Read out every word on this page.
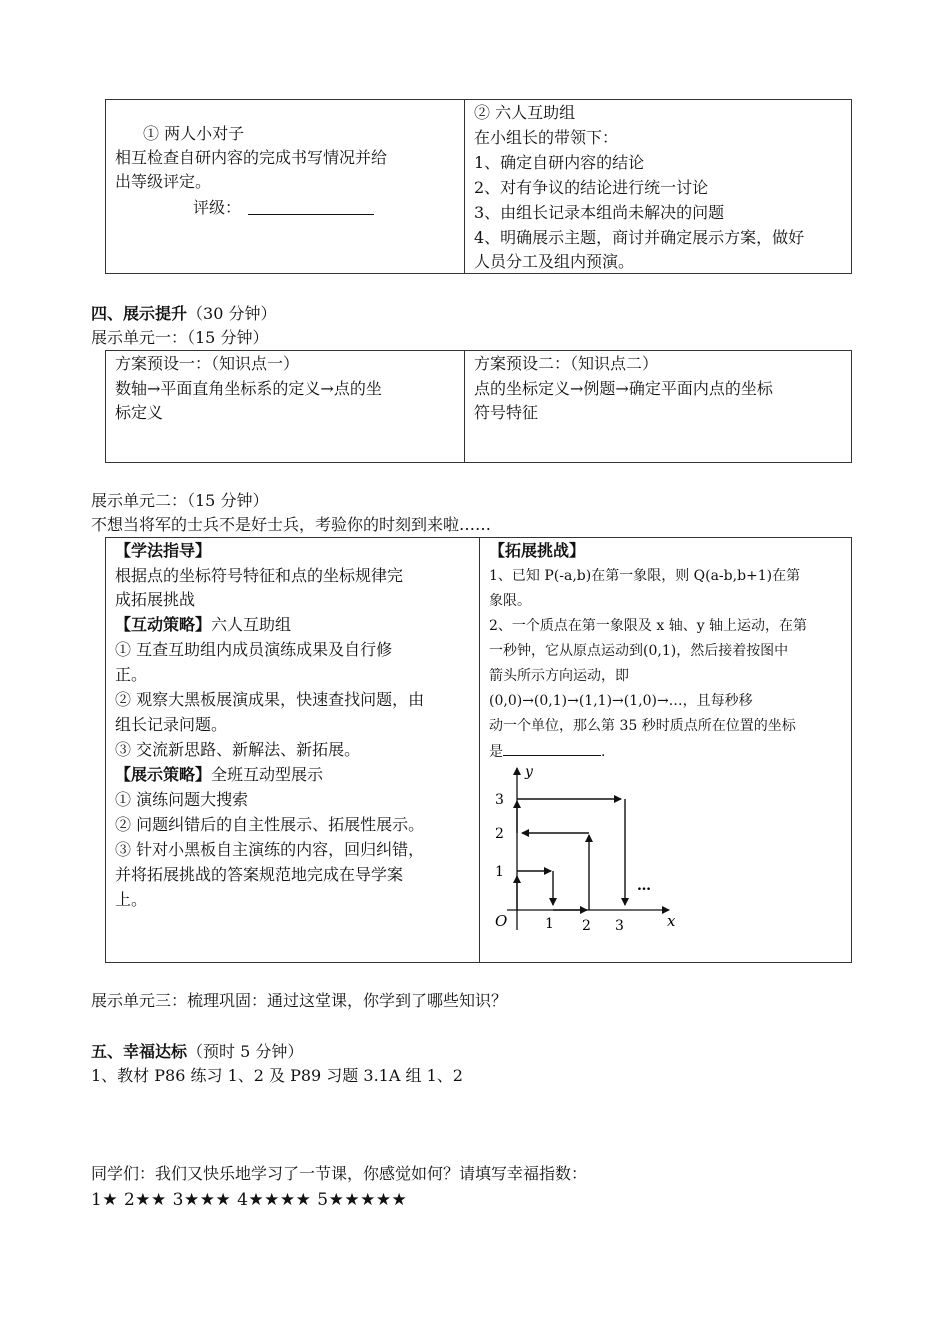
① 两人小对子
相互检查自研内容的完成书写情况并给
出等级评定。
评级：
② 六人互助组
在小组长的带领下：
1、确定自研内容的结论
2、对有争议的结论进行统一讨论
3、由组长记录本组尚未解决的问题
4、明确展示主题，商讨并确定展示方案，做好
人员分工及组内预演。
四、展示提升（30 分钟）
展示单元一：（15 分钟）
方案预设一：（知识点一）
数轴→平面直角坐标系的定义→点的坐
标定义
方案预设二：（知识点二）
点的坐标定义→例题→确定平面内点的坐标
符号特征
展示单元二：（15 分钟）
不想当将军的士兵不是好士兵，考验你的时刻到来啦……
【学法指导】
根据点的坐标符号特征和点的坐标规律完
成拓展挑战
【互动策略】六人互助组
① 互查互助组内成员演练成果及自行修
正。
② 观察大黑板展演成果，快速查找问题，由
组长记录问题。
③ 交流新思路、新解法、新拓展。
【展示策略】全班互动型展示
① 演练问题大搜索
② 问题纠错后的自主性展示、拓展性展示。
③ 针对小黑板自主演练的内容，回归纠错，
并将拓展挑战的答案规范地完成在导学案
上。
【拓展挑战】
1、已知 P(-a,b)在第一象限，则 Q(a-b,b+1)在第
象限。
2、一个质点在第一象限及 x 轴、y 轴上运动，在第
一秒钟，它从原点运动到(0,1)，然后接着按图中
箭头所示方向运动，即
(0,0)→(0,1)→(1,1)→(1,0)→…，且每秒移
动一个单位，那么第 35 秒时质点所在位置的坐标
是	.
y
x
O	1 2 3
1
2
3
…
展示单元三：梳理巩固：通过这堂课，你学到了哪些知识？
五、幸福达标（预时 5 分钟）
1、教材 P86 练习 1、2 及 P89 习题 3.1A 组 1、2
同学们：我们又快乐地学习了一节课，你感觉如何？请填写幸福指数：
1★ 2★★ 3★★★ 4★★★★ 5★★★★★
